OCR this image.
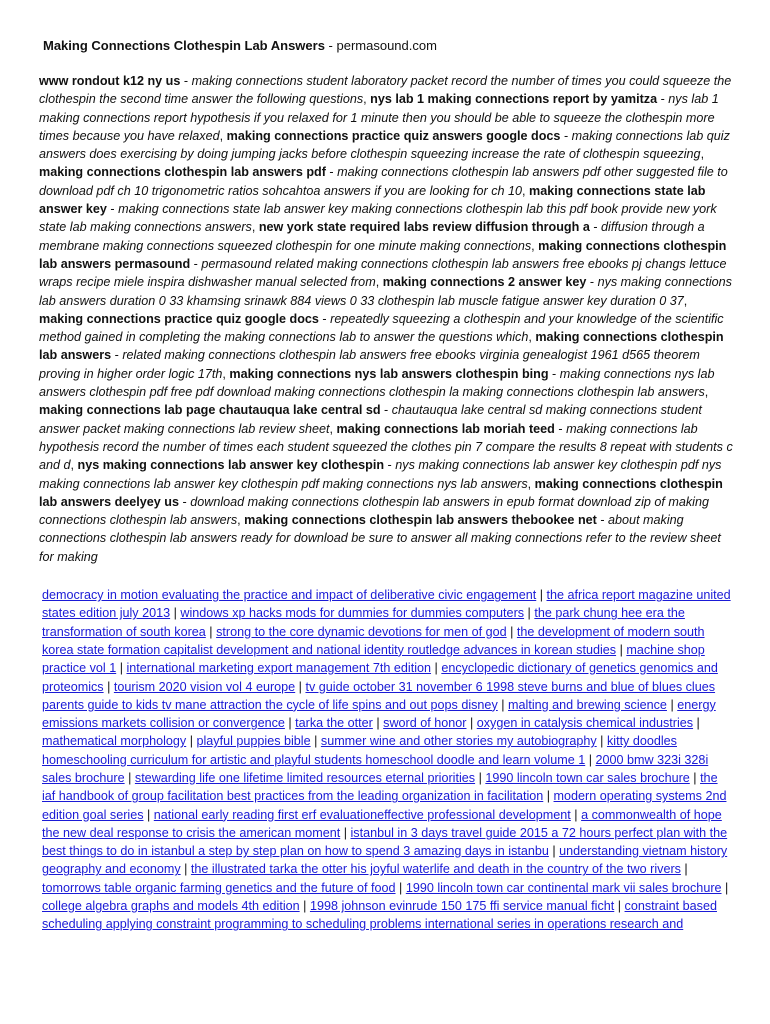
Making Connections Clothespin Lab Answers - permasound.com
www rondout k12 ny us - making connections student laboratory packet record the number of times you could squeeze the clothespin the second time answer the following questions, nys lab 1 making connections report by yamitza - nys lab 1 making connections report hypothesis if you relaxed for 1 minute then you should be able to squeeze the clothespin more times because you have relaxed, making connections practice quiz answers google docs - making connections lab quiz answers does exercising by doing jumping jacks before clothespin squeezing increase the rate of clothespin squeezing, making connections clothespin lab answers pdf - making connections clothespin lab answers pdf other suggested file to download pdf ch 10 trigonometric ratios sohcahtoa answers if you are looking for ch 10, making connections state lab answer key - making connections state lab answer key making connections clothespin lab this pdf book provide new york state lab making connections answers, new york state required labs review diffusion through a - diffusion through a membrane making connections squeezed clothespin for one minute making connections, making connections clothespin lab answers permasound - permasound related making connections clothespin lab answers free ebooks pj changs lettuce wraps recipe miele inspira dishwasher manual selected from, making connections 2 answer key - nys making connections lab answers duration 0 33 khamsing srinawk 884 views 0 33 clothespin lab muscle fatigue answer key duration 0 37, making connections practice quiz google docs - repeatedly squeezing a clothespin and your knowledge of the scientific method gained in completing the making connections lab to answer the questions which, making connections clothespin lab answers - related making connections clothespin lab answers free ebooks virginia genealogist 1961 d565 theorem proving in higher order logic 17th, making connections nys lab answers clothespin bing - making connections nys lab answers clothespin pdf free pdf download making connections clothespin la making connections clothespin lab answers, making connections lab page chautauqua lake central sd - chautauqua lake central sd making connections student answer packet making connections lab review sheet, making connections lab moriah teed - making connections lab hypothesis record the number of times each student squeezed the clothes pin 7 compare the results 8 repeat with students c and d, nys making connections lab answer key clothespin - nys making connections lab answer key clothespin pdf nys making connections lab answer key clothespin pdf making connections nys lab answers, making connections clothespin lab answers deelyey us - download making connections clothespin lab answers in epub format download zip of making connections clothespin lab answers, making connections clothespin lab answers thebookee net - about making connections clothespin lab answers ready for download be sure to answer all making connections refer to the review sheet for making
democracy in motion evaluating the practice and impact of deliberative civic engagement | the africa report magazine united states edition july 2013 | windows xp hacks mods for dummies for dummies computers | the park chung hee era the transformation of south korea | strong to the core dynamic devotions for men of god | the development of modern south korea state formation capitalist development and national identity routledge advances in korean studies | machine shop practice vol 1 | international marketing export management 7th edition | encyclopedic dictionary of genetics genomics and proteomics | tourism 2020 vision vol 4 europe | tv guide october 31 november 6 1998 steve burns and blue of blues clues parents guide to kids tv mane attraction the cycle of life spins and out pops disney | malting and brewing science | energy emissions markets collision or convergence | tarka the otter | sword of honor | oxygen in catalysis chemical industries | mathematical morphology | playful puppies bible | summer wine and other stories my autobiography | kitty doodles homeschooling curriculum for artistic and playful students homeschool doodle and learn volume 1 | 2000 bmw 323i 328i sales brochure | stewarding life one lifetime limited resources eternal priorities | 1990 lincoln town car sales brochure | the iaf handbook of group facilitation best practices from the leading organization in facilitation | modern operating systems 2nd edition goal series | national early reading first erf evaluationeffective professional development | a commonwealth of hope the new deal response to crisis the american moment | istanbul in 3 days travel guide 2015 a 72 hours perfect plan with the best things to do in istanbul a step by step plan on how to spend 3 amazing days in istanbu | understanding vietnam history geography and economy | the illustrated tarka the otter his joyful waterlife and death in the country of the two rivers | tomorrows table organic farming genetics and the future of food | 1990 lincoln town car continental mark vii sales brochure | college algebra graphs and models 4th edition | 1998 johnson evinrude 150 175 ffi service manual ficht | constraint based scheduling applying constraint programming to scheduling problems international series in operations research and
